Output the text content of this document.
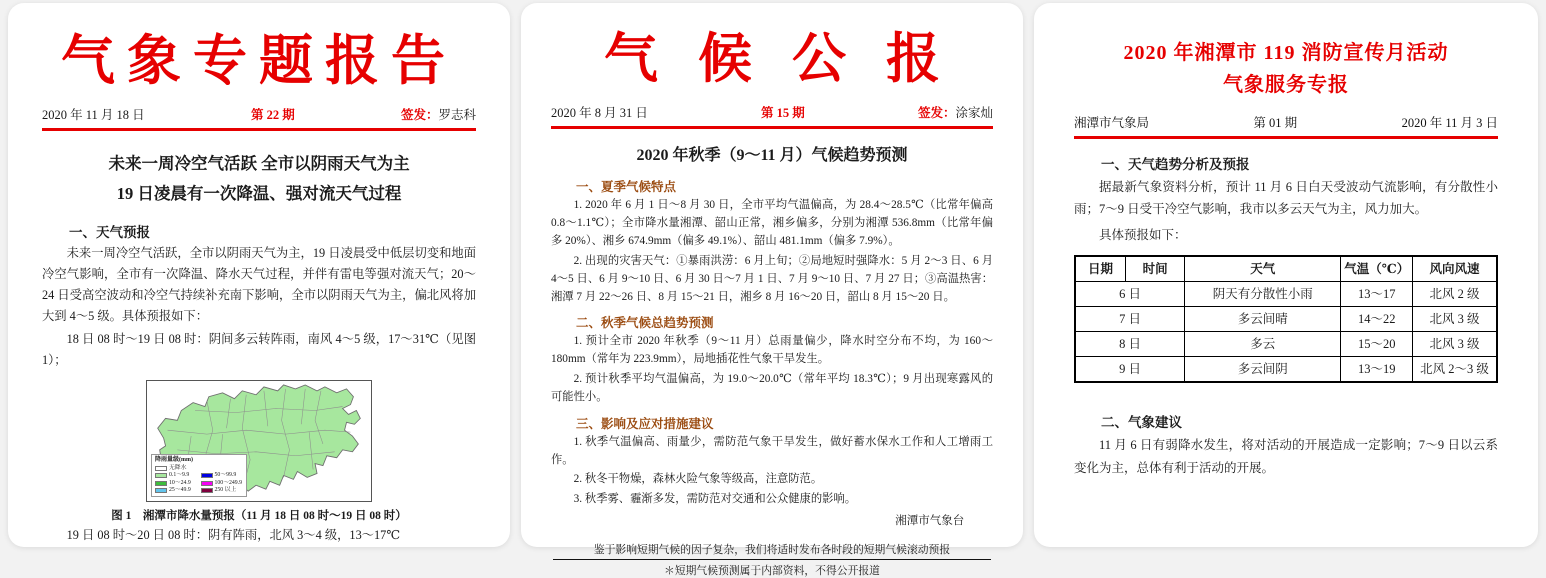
气象专题报告
2020 年 11 月 18 日	第 22 期	签发：罗志科
未来一周冷空气活跃 全市以阴雨天气为主
19 日凌晨有一次降温、强对流天气过程
一、天气预报

未来一周冷空气活跃，全市以阴雨天气为主，19 日凌晨受中低层切变和地面冷空气影响，全市有一次降温、降水天气过程，并伴有雷电等强对流天气；20～24 日受高空波动和冷空气持续补充南下影响，全市以阴雨天气为主，偏北风将加大到 4～5 级。具体预报如下：

18 日 08 时～19 日 08 时：阴间多云转阵雨，南风 4～5 级，17～31℃（见图 1）；

降雨量级(mm)
无降水
0.1～9.9	50～99.9
10～24.9	100～249.9
25～49.9	250 以上
图 1　湘潭市降水量预报（11 月 18 日 08 时～19 日 08 时）

19 日 08 时～20 日 08 时：阴有阵雨，北风 3～4 级，13～17℃

气候公报
2020 年 8 月 31 日	第 15 期	签发：涂家灿
2020 年秋季（9～11 月）气候趋势预测
一、夏季气候特点

1. 2020 年 6 月 1 日～8 月 30 日，全市平均气温偏高，为 28.4～28.5℃（比常年偏高 0.8～1.1℃）；全市降水量湘潭、韶山正常，湘乡偏多，分别为湘潭 536.8mm（比常年偏多 20%）、湘乡 674.9mm（偏多 49.1%）、韶山 481.1mm（偏多 7.9%）。

2. 出现的灾害天气：①暴雨洪涝：6 月上旬；②局地短时强降水：5 月 2～3 日、6 月 4～5 日、6 月 9～10 日、6 月 30 日～7 月 1 日、7 月 9～10 日、7 月 27 日；③高温热害：湘潭 7 月 22～26 日、8 月 15～21 日，湘乡 8 月 16～20 日，韶山 8 月 15～20 日。

二、秋季气候总趋势预测

1. 预计全市 2020 年秋季（9～11 月）总雨量偏少，降水时空分布不均，为 160～180mm（常年为 223.9mm），局地插花性气象干旱发生。

2. 预计秋季平均气温偏高，为 19.0～20.0℃（常年平均 18.3℃）；9 月出现寒露风的可能性小。

三、影响及应对措施建议

1. 秋季气温偏高、雨量少，需防范气象干旱发生，做好蓄水保水工作和人工增雨工作。

2. 秋冬干物燥，森林火险气象等级高，注意防范。

3. 秋季雾、霾渐多发，需防范对交通和公众健康的影响。

湘潭市气象台
鉴于影响短期气候的因子复杂，我们将适时发布各时段的短期气候滚动预报
＊短期气候预测属于内部资料，不得公开报道
2020 年湘潭市 119 消防宣传月活动
气象服务专报
湘潭市气象局	第 01 期	2020 年 11 月 3 日
一、天气趋势分析及预报

据最新气象资料分析，预计 11 月 6 日白天受波动气流影响，有分散性小雨；7～9 日受干冷空气影响，我市以多云天气为主，风力加大。

具体预报如下：

日期	时间	天气	气温（℃）	风向风速
6 日		阴天有分散性小雨	13～17	北风 2 级
7 日		多云间晴	14～22	北风 3 级
8 日		多云	15～20	北风 3 级
9 日		多云间阴	13～19	北风 2～3 级
二、气象建议

11 月 6 日有弱降水发生，将对活动的开展造成一定影响；7～9 日以云系变化为主，总体有利于活动的开展。
